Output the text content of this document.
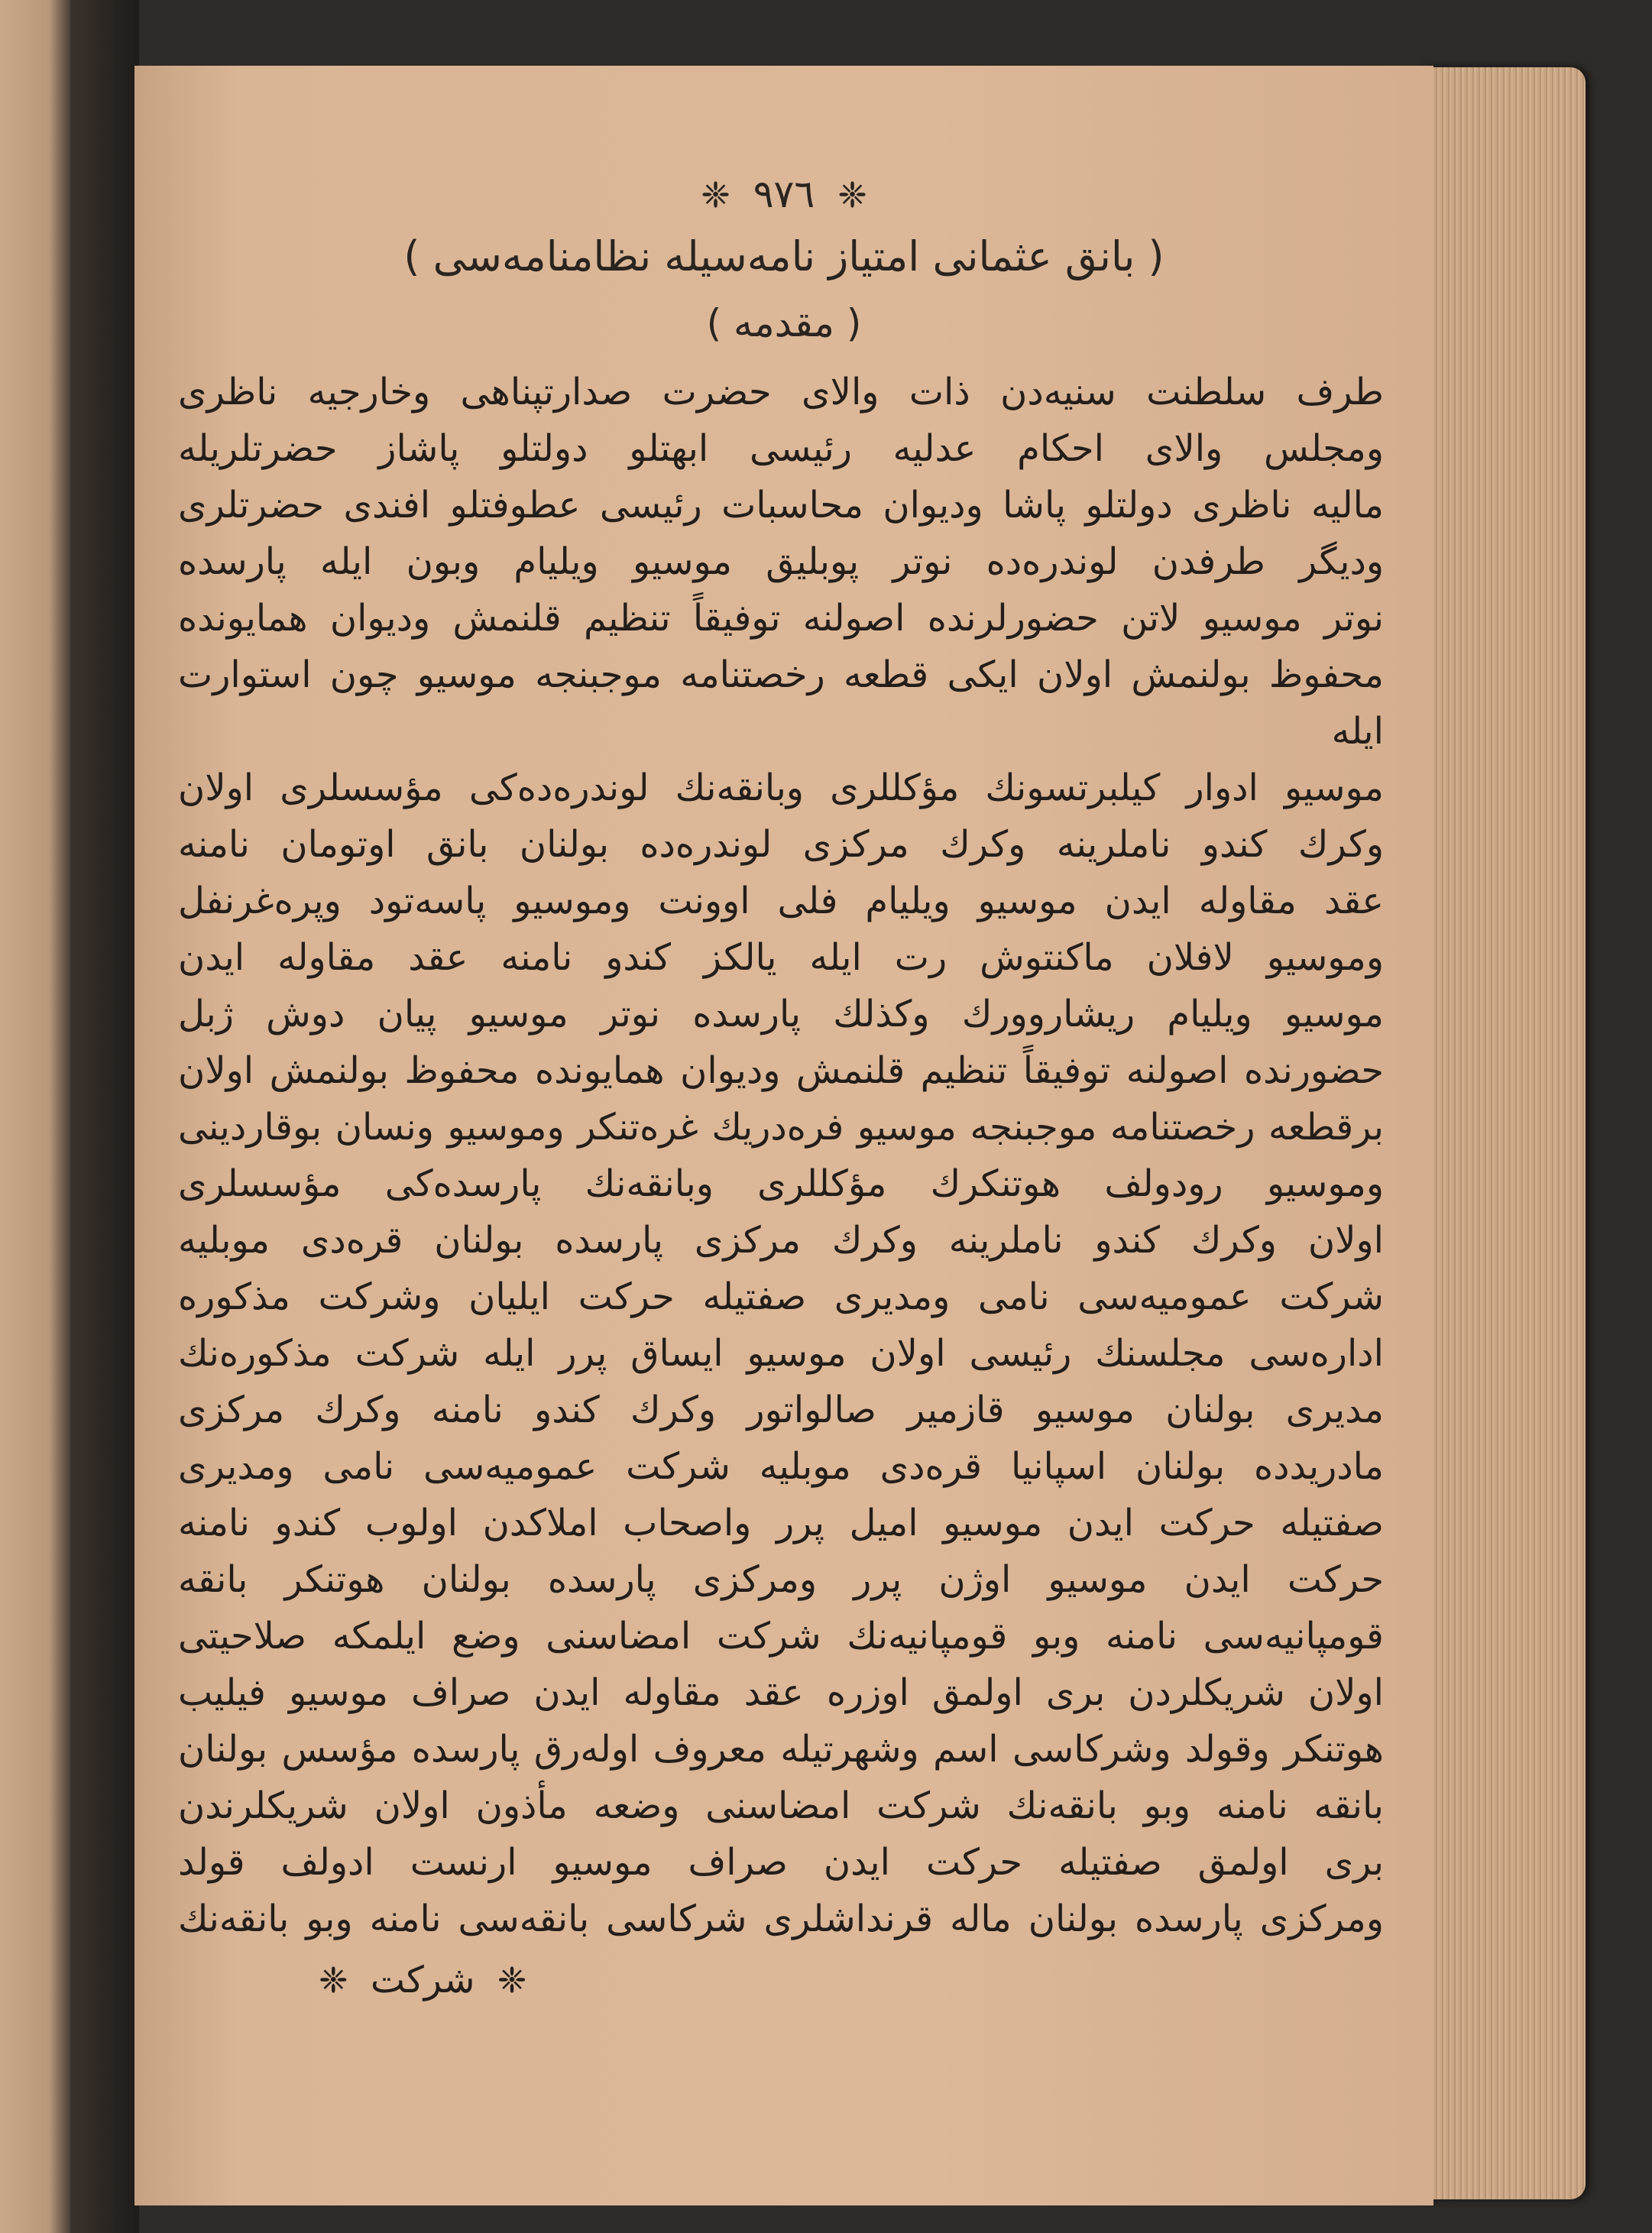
❈ ٩٧٦ ❈
( بانق عثمانی امتیاز نامه‌سیله نظامنامه‌سی )
( مقدمه )
طرف سلطنت سنیه‌دن ذات والای حضرت صدارتپناهی وخارجیه ناظری
ومجلس والای احکام عدلیه رئیسی ابهتلو دولتلو پاشاز حضرتلریله
مالیه ناظری دولتلو پاشا ودیوان محاسبات رئیسی عطوفتلو افندی حضرتلری
ودیگر طرفدن لوندره‌ده نوتر پوبلیق موسیو ویلیام وبون ایله پارسده
نوتر موسیو لاتن حضورلرنده اصولنه توفیقاً تنظیم قلنمش ودیوان همایونده
محفوظ بولنمش اولان ایکی قطعه رخصتنامه موجبنجه موسیو چون استوارت ایله
موسیو ادوار کیلبرتسونك مؤکللری وبانقه‌نك لوندره‌ده‌کی مؤسسلری اولان
وکرك کندو ناملرینه وکرك مرکزی لوندره‌ده بولنان بانق اوتومان نامنه
عقد مقاوله ایدن موسیو ویلیام فلی اوونت وموسیو پاسه‌تود وپره‌غرنفل
وموسیو لافلان ماکنتوش رت ایله یالکز کندو نامنه عقد مقاوله ایدن
موسیو ویلیام ریشاروورك وکذلك پارسده نوتر موسیو پیان دوش ژبل
حضورنده اصولنه توفیقاً تنظیم قلنمش ودیوان همایونده محفوظ بولنمش اولان
برقطعه رخصتنامه موجبنجه موسیو فره‌دریك غره‌تنکر وموسیو ونسان بوقاردینی
وموسیو رودولف هوتنکرك مؤکللری وبانقه‌نك پارسده‌کی مؤسسلری
اولان وکرك کندو ناملرینه وکرك مرکزی پارسده بولنان قره‌دی موبلیه
شرکت عمومیه‌سی نامی ومدیری صفتیله حرکت ایلیان وشرکت مذکوره
اداره‌سی مجلسنك رئیسی اولان موسیو ایساق پرر ایله شرکت مذکوره‌نك
مدیری بولنان موسیو قازمیر صالواتور وکرك کندو نامنه وکرك مرکزی
مادریدده بولنان اسپانیا قره‌دی موبلیه شرکت عمومیه‌سی نامی ومدیری
صفتیله حرکت ایدن موسیو امیل پرر واصحاب املاکدن اولوب کندو نامنه
حرکت ایدن موسیو اوژن پرر ومرکزی پارسده بولنان هوتنکر بانقه
قومپانیه‌سی نامنه وبو قومپانیه‌نك شرکت امضاسنی وضع ایلمکه صلاحیتی
اولان شریکلردن بری اولمق اوزره عقد مقاوله ایدن صراف موسیو فیلیب
هوتنکر وقولد وشرکاسی اسم وشهرتیله معروف اوله‌رق پارسده مؤسس بولنان
بانقه نامنه وبو بانقه‌نك شرکت امضاسنی وضعه مأذون اولان شریکلرندن
بری اولمق صفتیله حرکت ایدن صراف موسیو ارنست ادولف قولد
ومرکزی پارسده بولنان ماله قرنداشلری شرکاسی بانقه‌سی نامنه وبو بانقه‌نك
❈ شرکت ❈
